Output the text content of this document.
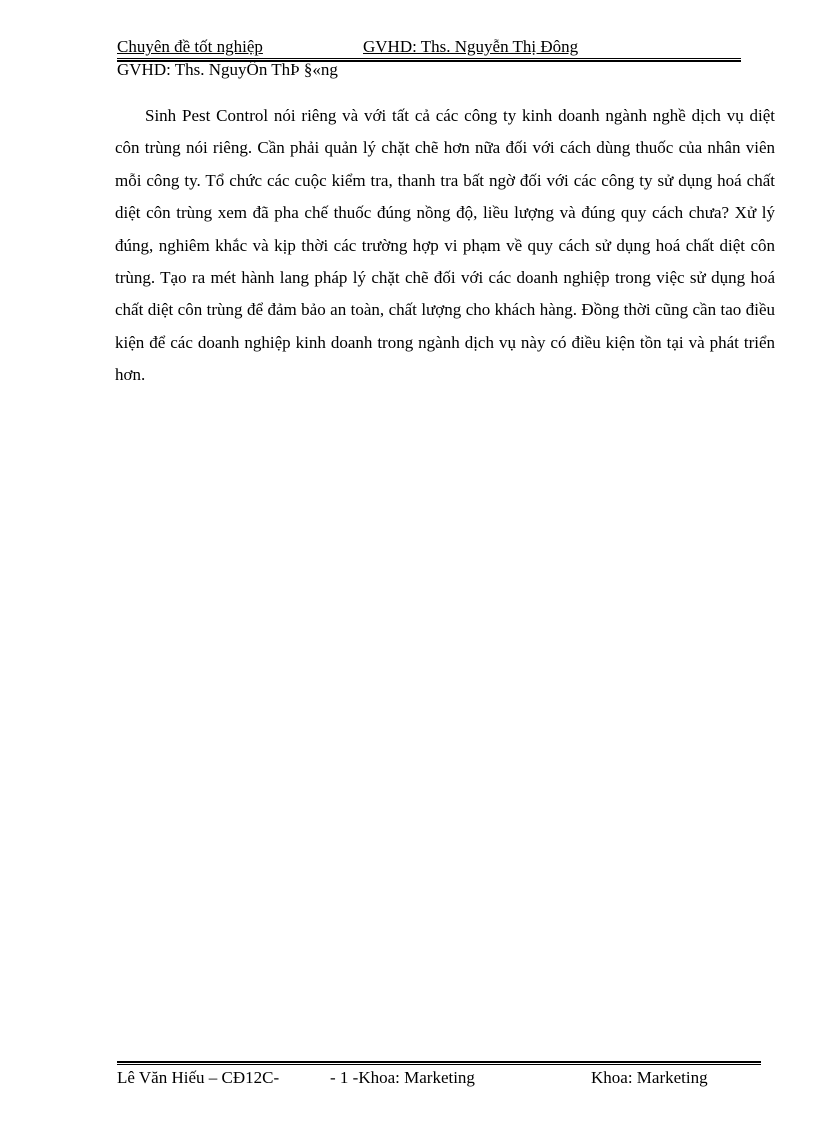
Chuyên đề tốt nghiệp	GVHD: Ths. Nguyễn Thị Đông
GVHD: Ths. NguyÔn ThÞ §«ng

Sinh Pest Control nói riêng và với tất cả các công ty kinh doanh ngành nghề dịch vụ diệt côn trùng nói riêng. Cần phải quản lý chặt chẽ hơn nữa đối với cách dùng thuốc của nhân viên mỗi công ty. Tổ chức các cuộc kiểm tra, thanh tra bất ngờ đối với các công ty sử dụng hoá chất diệt côn trùng xem đã pha chế thuốc đúng nồng độ, liều lượng và đúng quy cách chưa? Xử lý đúng, nghiêm khắc và kịp thời các trường hợp vi phạm về quy cách sử dụng hoá chất diệt côn trùng. Tạo ra mét hành lang pháp lý chặt chẽ đối với các doanh nghiệp trong việc sử dụng hoá chất diệt côn trùng để đảm bảo an toàn, chất lượng cho khách hàng. Đồng thời cũng cần tao điều kiện để các doanh nghiệp kinh doanh trong ngành dịch vụ này có điều kiện tồn tại và phát triển hơn.

Lê Văn Hiếu – CĐ12C-	- 1 -Khoa: Marketing	Khoa: Marketing
